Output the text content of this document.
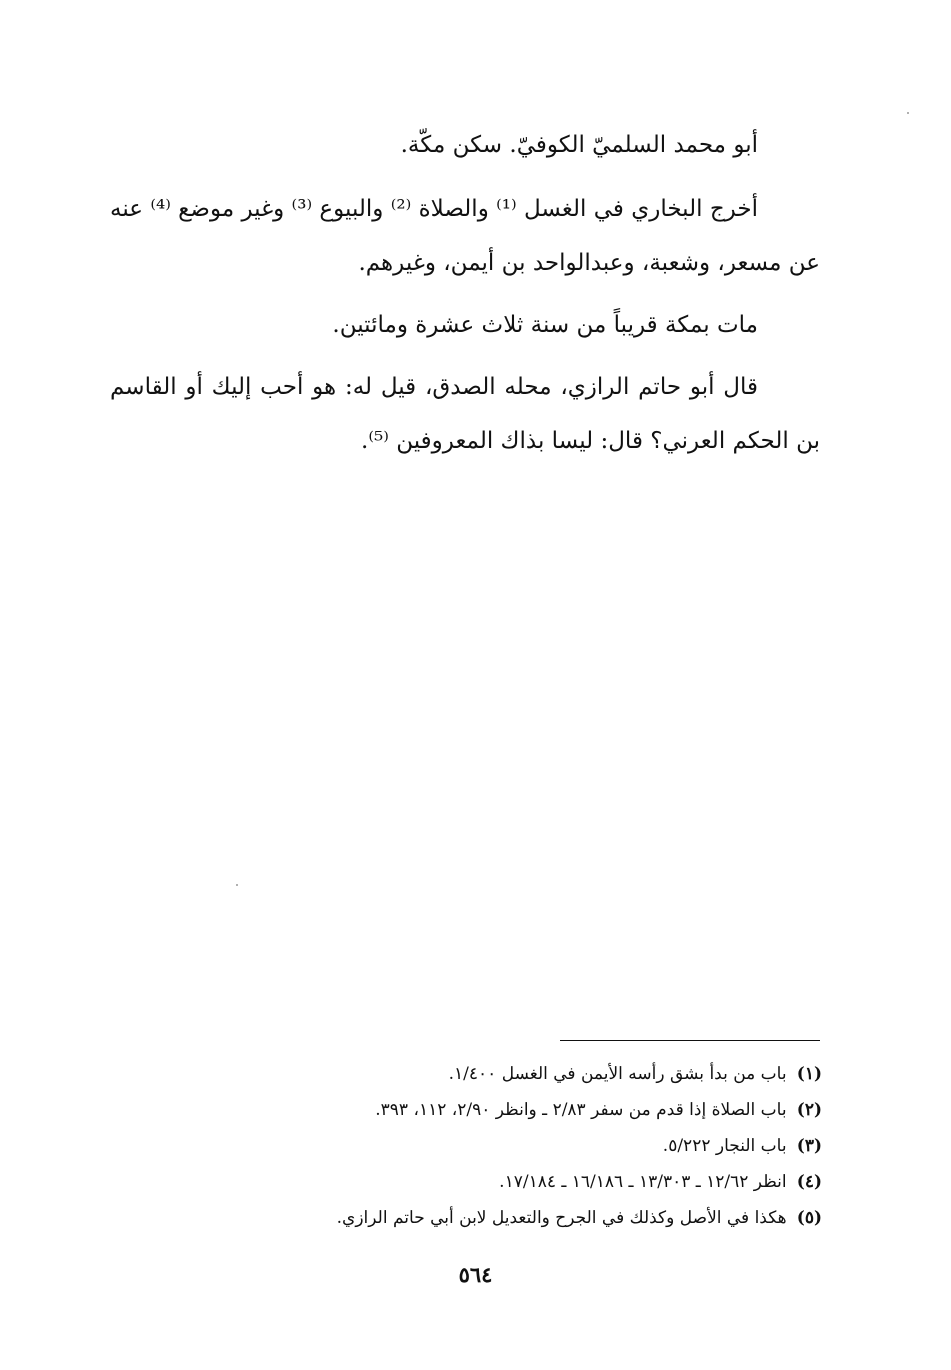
أبو محمد السلميّ الكوفيّ. سكن مكّة.

أخرج البخاري في الغسل ⁽¹⁾ والصلاة ⁽²⁾ والبيوع ⁽³⁾ وغير موضع ⁽⁴⁾ عنه عن مسعر، وشعبة، وعبدالواحد بن أيمن، وغيرهم.

مات بمكة قريباً من سنة ثلاث عشرة ومائتين.

قال أبو حاتم الرازي، محله الصدق، قيل له: هو أحب إليك أو القاسم بن الحكم العرني؟ قال: ليسا بذاك المعروفين ⁽⁵⁾.

(١) باب من بدأ بشق رأسه الأيمن في الغسل ١/٤٠٠.
(٢) باب الصلاة إذا قدم من سفر ٢/٨٣ ـ وانظر ٢/٩٠، ١١٢، ٣٩٣.
(٣) باب النجار ٥/٢٢٢.
(٤) انظر ١٢/٦٢ ـ ١٣/٣٠٣ ـ ١٦/١٨٦ ـ ١٧/١٨٤.
(٥) هكذا في الأصل وكذلك في الجرح والتعديل لابن أبي حاتم الرازي.
٥٦٤
